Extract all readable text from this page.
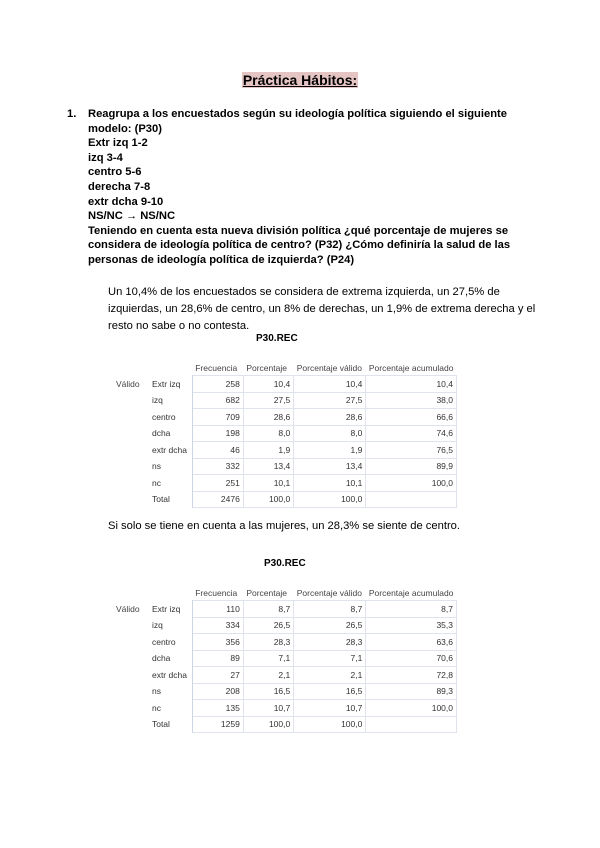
Práctica Hábitos:
1. Reagrupa a los encuestados según su ideología política siguiendo el siguiente
modelo: (P30)
Extr izq 1-2
izq 3-4
centro 5-6
derecha 7-8
extr dcha 9-10
NS/NC → NS/NC
Teniendo en cuenta esta nueva división política ¿qué porcentaje de mujeres se
considera de ideología política de centro? (P32) ¿Cómo definiría la salud de las
personas de ideología política de izquierda? (P24)
Un 10,4% de los encuestados se considera de extrema izquierda, un 27,5% de izquierdas, un 28,6% de centro, un 8% de derechas, un 1,9% de extrema derecha y el resto no sabe o no contesta.
P30.REC
		Frecuencia	Porcentaje	Porcentaje válido	Porcentaje acumulado
Válido	Extr izq	258	10,4	10,4	10,4
	izq	682	27,5	27,5	38,0
	centro	709	28,6	28,6	66,6
	dcha	198	8,0	8,0	74,6
	extr dcha	46	1,9	1,9	76,5
	ns	332	13,4	13,4	89,9
	nc	251	10,1	10,1	100,0
	Total	2476	100,0	100,0	
Si solo se tiene en cuenta a las mujeres, un 28,3% se siente de centro.
P30.REC
		Frecuencia	Porcentaje	Porcentaje válido	Porcentaje acumulado
Válido	Extr izq	110	8,7	8,7	8,7
	izq	334	26,5	26,5	35,3
	centro	356	28,3	28,3	63,6
	dcha	89	7,1	7,1	70,6
	extr dcha	27	2,1	2,1	72,8
	ns	208	16,5	16,5	89,3
	nc	135	10,7	10,7	100,0
	Total	1259	100,0	100,0	
